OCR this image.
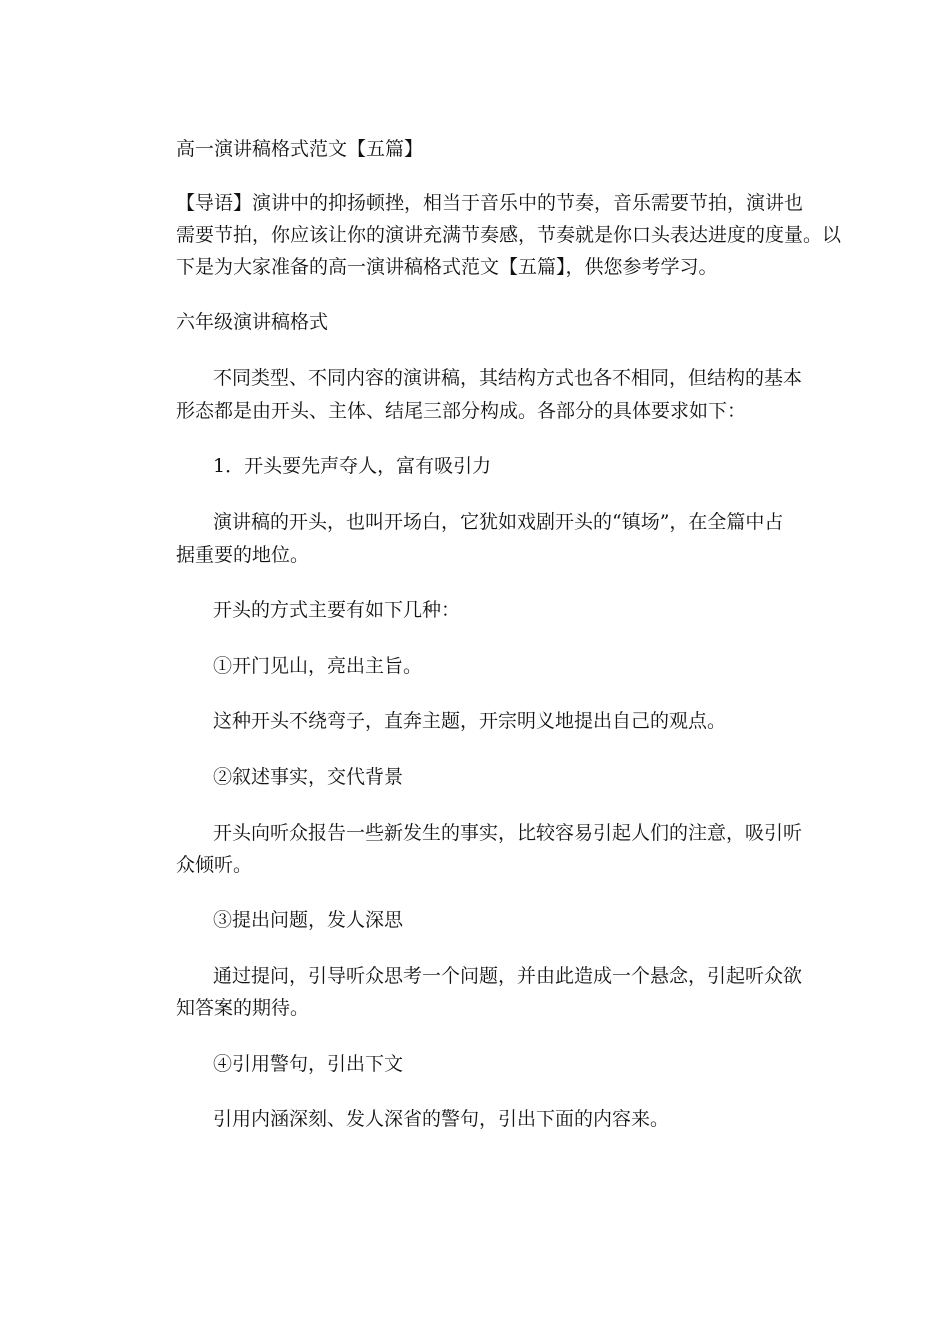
高一演讲稿格式范文【五篇】

【导语】演讲中的抑扬顿挫，相当于音乐中的节奏，音乐需要节拍，演讲也

需要节拍，你应该让你的演讲充满节奏感，节奏就是你口头表达进度的度量。以

下是为大家准备的高一演讲稿格式范文【五篇】，供您参考学习。

六年级演讲稿格式

不同类型、不同内容的演讲稿，其结构方式也各不相同，但结构的基本

形态都是由开头、主体、结尾三部分构成。各部分的具体要求如下：

1．开头要先声夺人，富有吸引力

演讲稿的开头，也叫开场白，它犹如戏剧开头的“镇场”，在全篇中占

据重要的地位。

开头的方式主要有如下几种：

①开门见山，亮出主旨。

这种开头不绕弯子，直奔主题，开宗明义地提出自己的观点。

②叙述事实，交代背景

开头向听众报告一些新发生的事实，比较容易引起人们的注意，吸引听

众倾听。

③提出问题，发人深思

通过提问，引导听众思考一个问题，并由此造成一个悬念，引起听众欲

知答案的期待。

④引用警句，引出下文

引用内涵深刻、发人深省的警句，引出下面的内容来。
